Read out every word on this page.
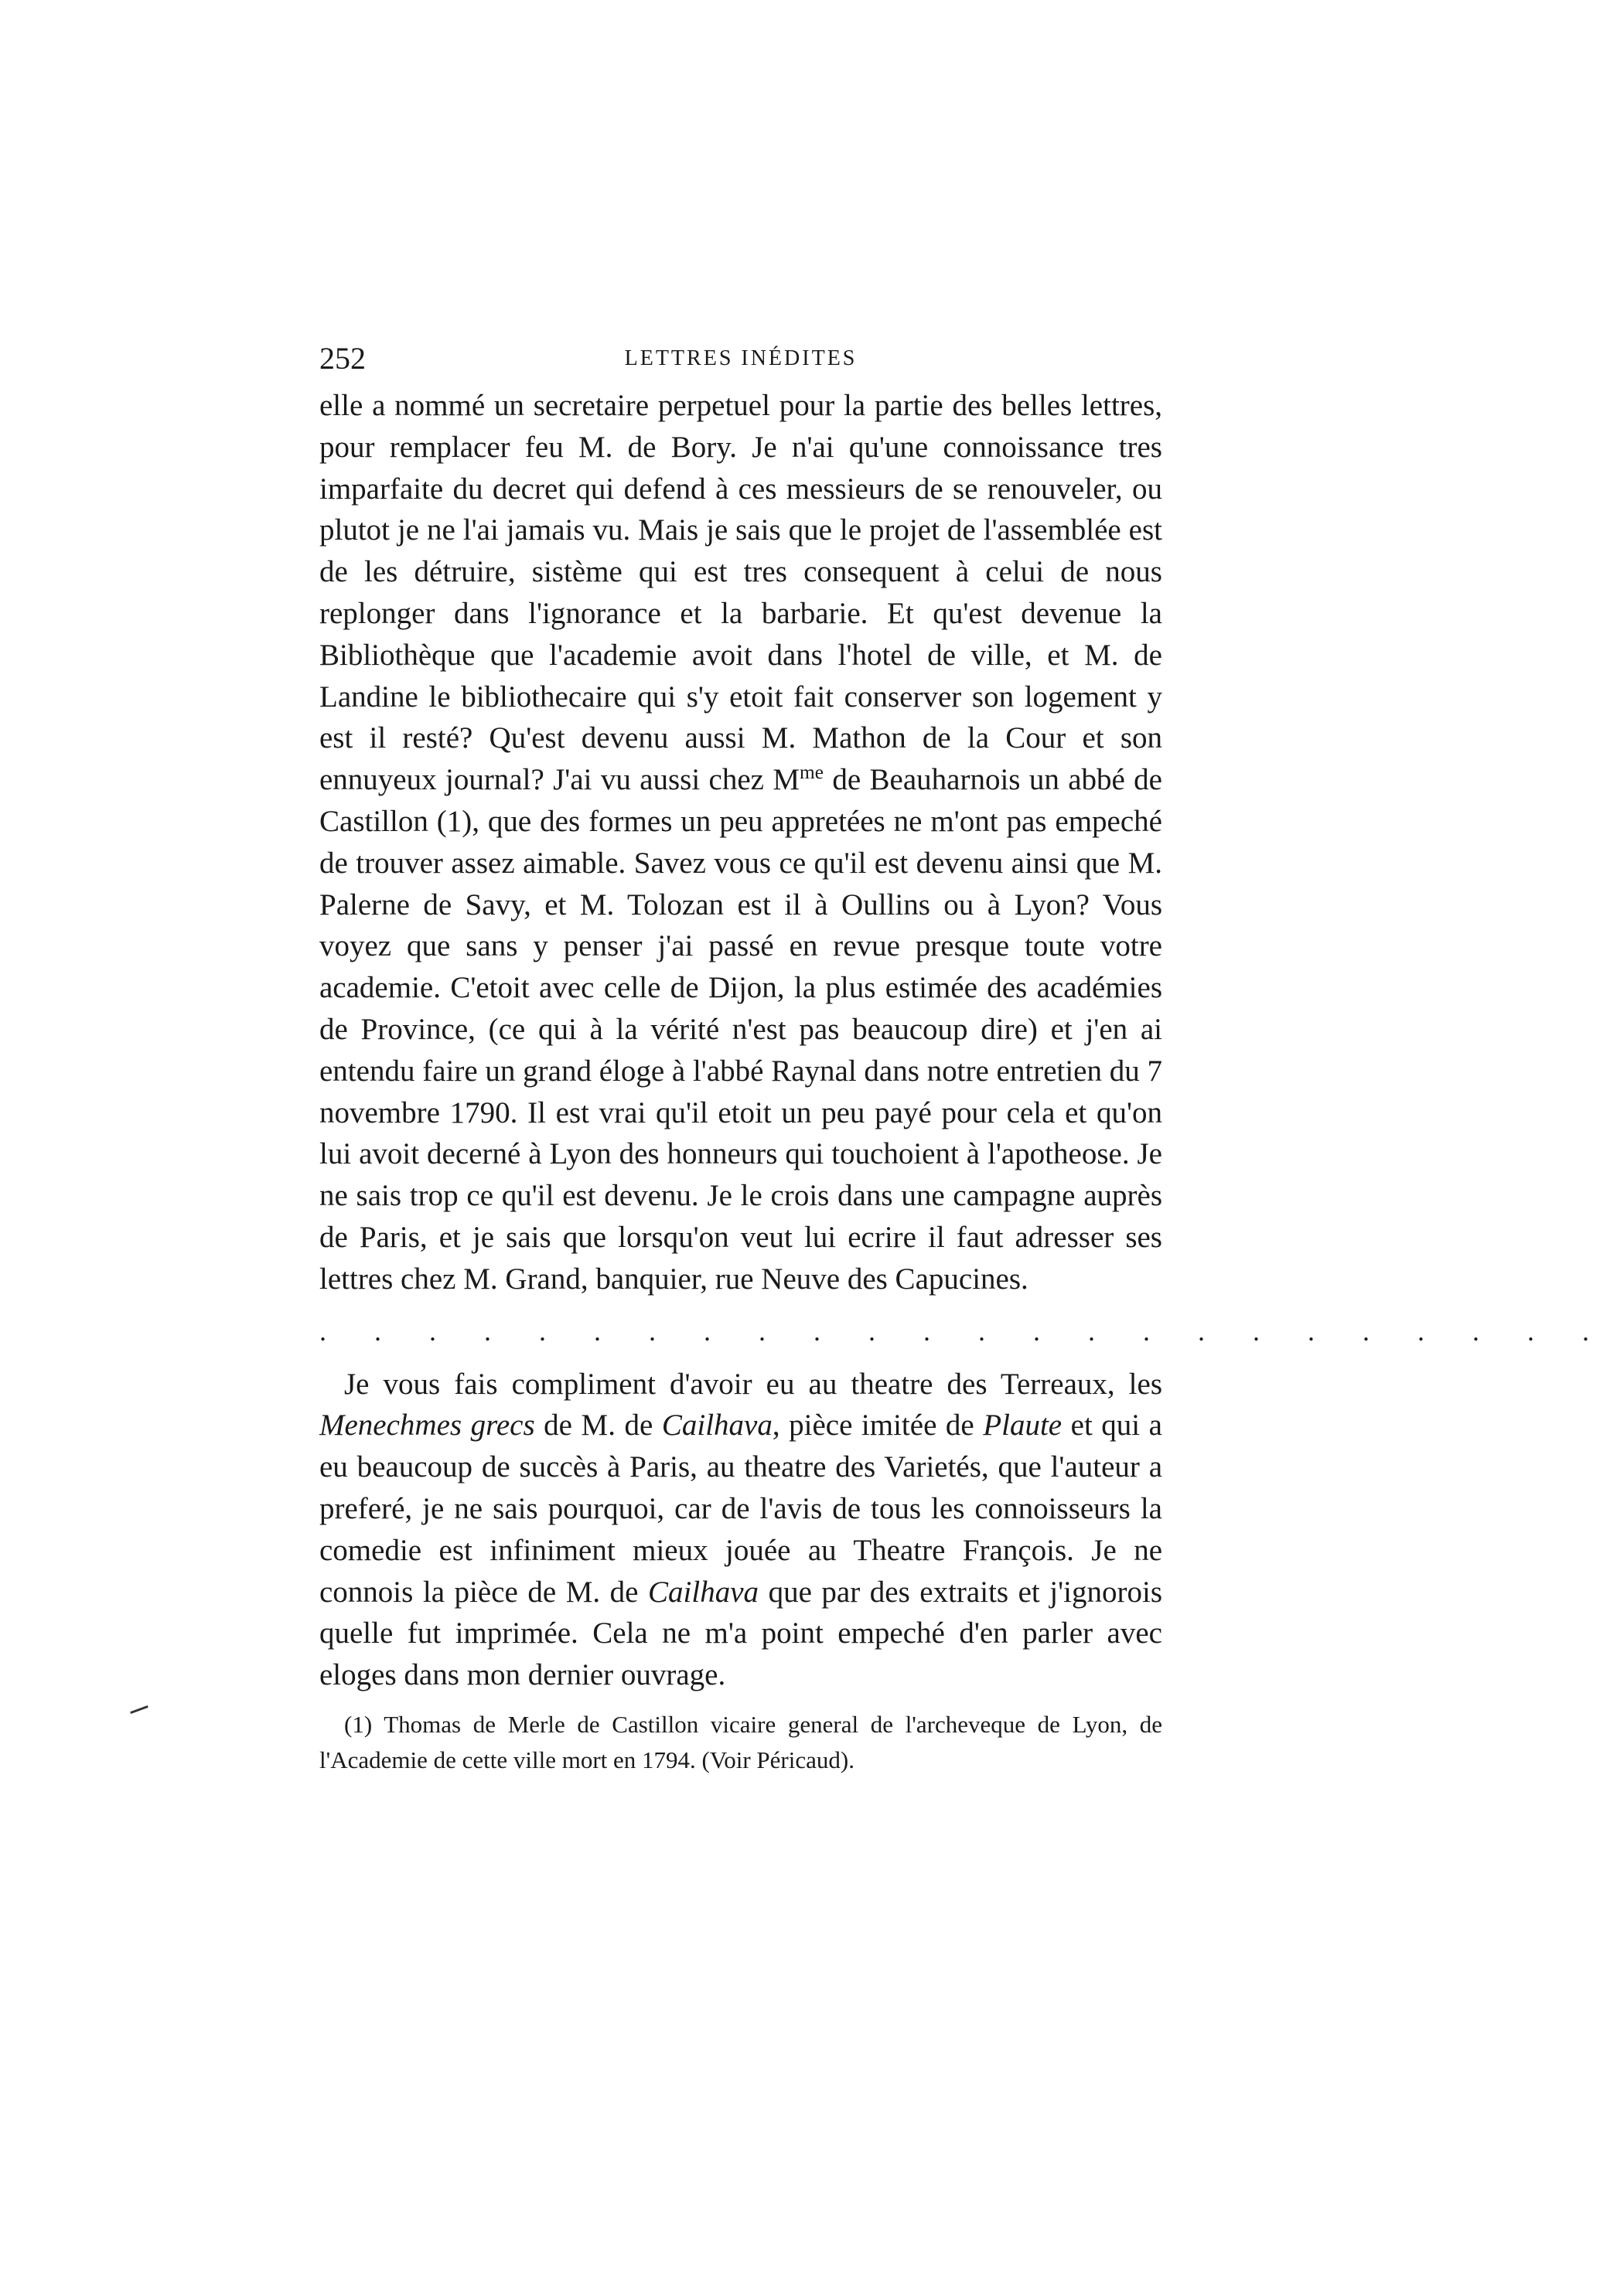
252	LETTRES INÉDITES

elle a nommé un secretaire perpetuel pour la partie des belles lettres, pour remplacer feu M. de Bory. Je n'ai qu'une connoissance tres imparfaite du decret qui defend à ces messieurs de se renouveler, ou plutot je ne l'ai jamais vu. Mais je sais que le projet de l'assemblée est de les détruire, sistème qui est tres consequent à celui de nous replonger dans l'ignorance et la barbarie. Et qu'est devenue la Bibliothèque que l'academie avoit dans l'hotel de ville, et M. de Landine le bibliothecaire qui s'y etoit fait conserver son logement y est il resté? Qu'est devenu aussi M. Mathon de la Cour et son ennuyeux journal? J'ai vu aussi chez $M^{me}$ de Beauharnois un abbé de Castillon (1), que des formes un peu appretées ne m'ont pas empeché de trouver assez aimable. Savez vous ce qu'il est devenu ainsi que M. Palerne de Savy, et M. Tolozan est il à Oullins ou à Lyon? Vous voyez que sans y penser j'ai passé en revue presque toute votre academie. C'etoit avec celle de Dijon, la plus estimée des académies de Province, (ce qui à la vérité n'est pas beaucoup dire) et j'en ai entendu faire un grand éloge à l'abbé Raynal dans notre entretien du 7 novembre 1790. Il est vrai qu'il etoit un peu payé pour cela et qu'on lui avoit decerné à Lyon des honneurs qui touchoient à l'apotheose. Je ne sais trop ce qu'il est devenu. Je le crois dans une campagne auprès de Paris, et je sais que lorsqu'on veut lui ecrire il faut adresser ses lettres chez M. Grand, banquier, rue Neuve des Capucines.

. . . . . . . . . . . . . . . . . . . . . . . .

Je vous fais compliment d'avoir eu au theatre des Terreaux, les Menechmes grecs de M. de Cailhava, pièce imitée de Plaute et qui a eu beaucoup de succès à Paris, au theatre des Varietés, que l'auteur a preferé, je ne sais pourquoi, car de l'avis de tous les connoisseurs la comedie est infiniment mieux jouée au Theatre François. Je ne connois la pièce de M. de Cailhava que par des extraits et j'ignorois quelle fut imprimée. Cela ne m'a point empeché d'en parler avec eloges dans mon dernier ouvrage.

(1) Thomas de Merle de Castillon vicaire general de l'archeveque de Lyon, de l'Academie de cette ville mort en 1794. (Voir Péricaud).
